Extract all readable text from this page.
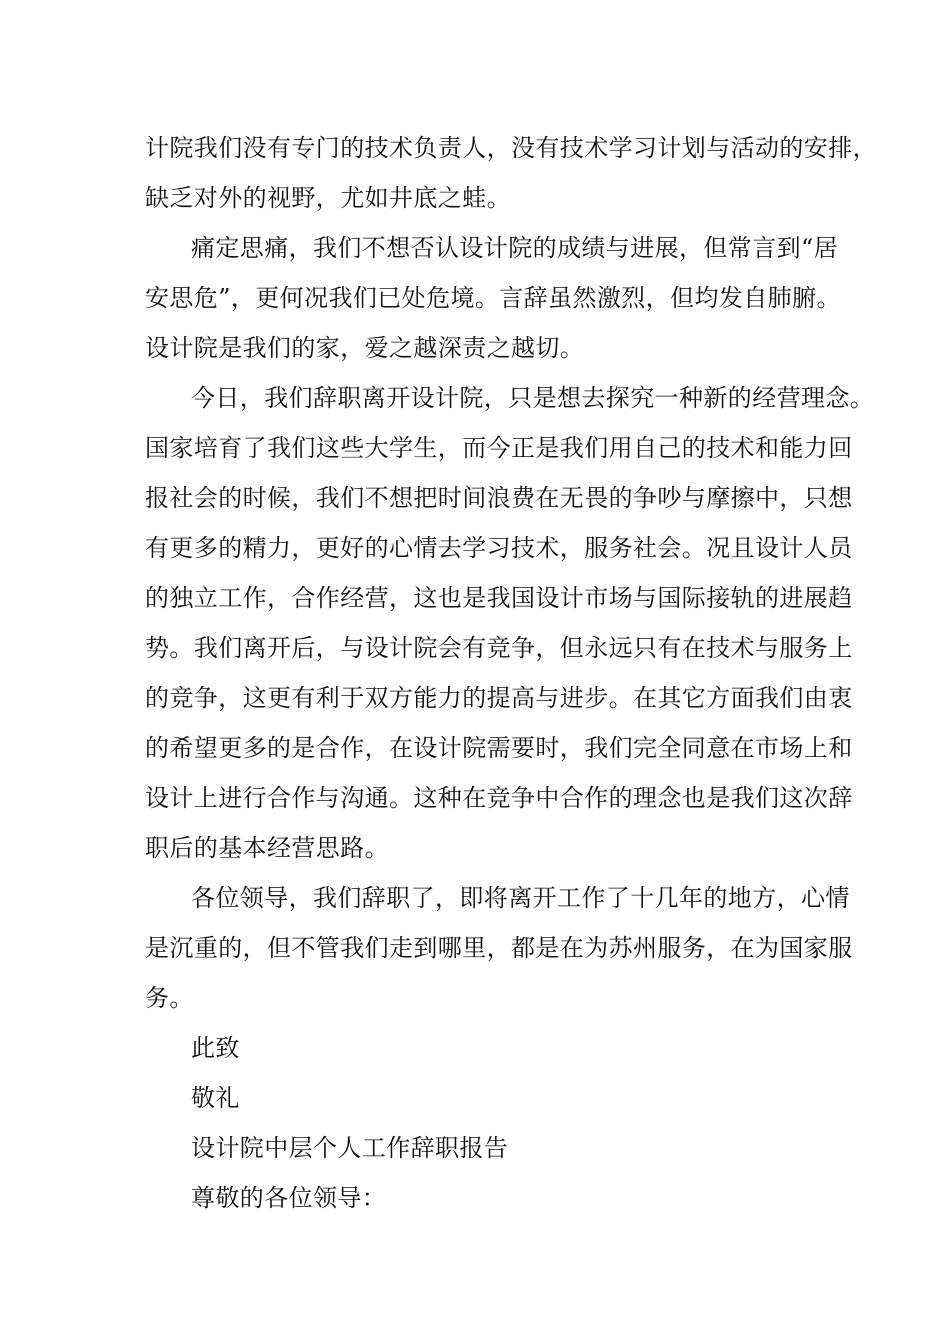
计院我们没有专门的技术负责人，没有技术学习计划与活动的安排，

缺乏对外的视野，尤如井底之蛙。

痛定思痛，我们不想否认设计院的成绩与进展，但常言到“居

安思危”，更何况我们已处危境。言辞虽然激烈，但均发自肺腑。

设计院是我们的家，爱之越深责之越切。

今日，我们辞职离开设计院，只是想去探究一种新的经营理念。

国家培育了我们这些大学生，而今正是我们用自己的技术和能力回

报社会的时候，我们不想把时间浪费在无畏的争吵与摩擦中，只想

有更多的精力，更好的心情去学习技术，服务社会。况且设计人员

的独立工作，合作经营，这也是我国设计市场与国际接轨的进展趋

势。我们离开后，与设计院会有竞争，但永远只有在技术与服务上

的竞争，这更有利于双方能力的提高与进步。在其它方面我们由衷

的希望更多的是合作，在设计院需要时，我们完全同意在市场上和

设计上进行合作与沟通。这种在竞争中合作的理念也是我们这次辞

职后的基本经营思路。

各位领导，我们辞职了，即将离开工作了十几年的地方，心情

是沉重的，但不管我们走到哪里，都是在为苏州服务，在为国家服

务。

此致

敬礼

设计院中层个人工作辞职报告

尊敬的各位领导：
